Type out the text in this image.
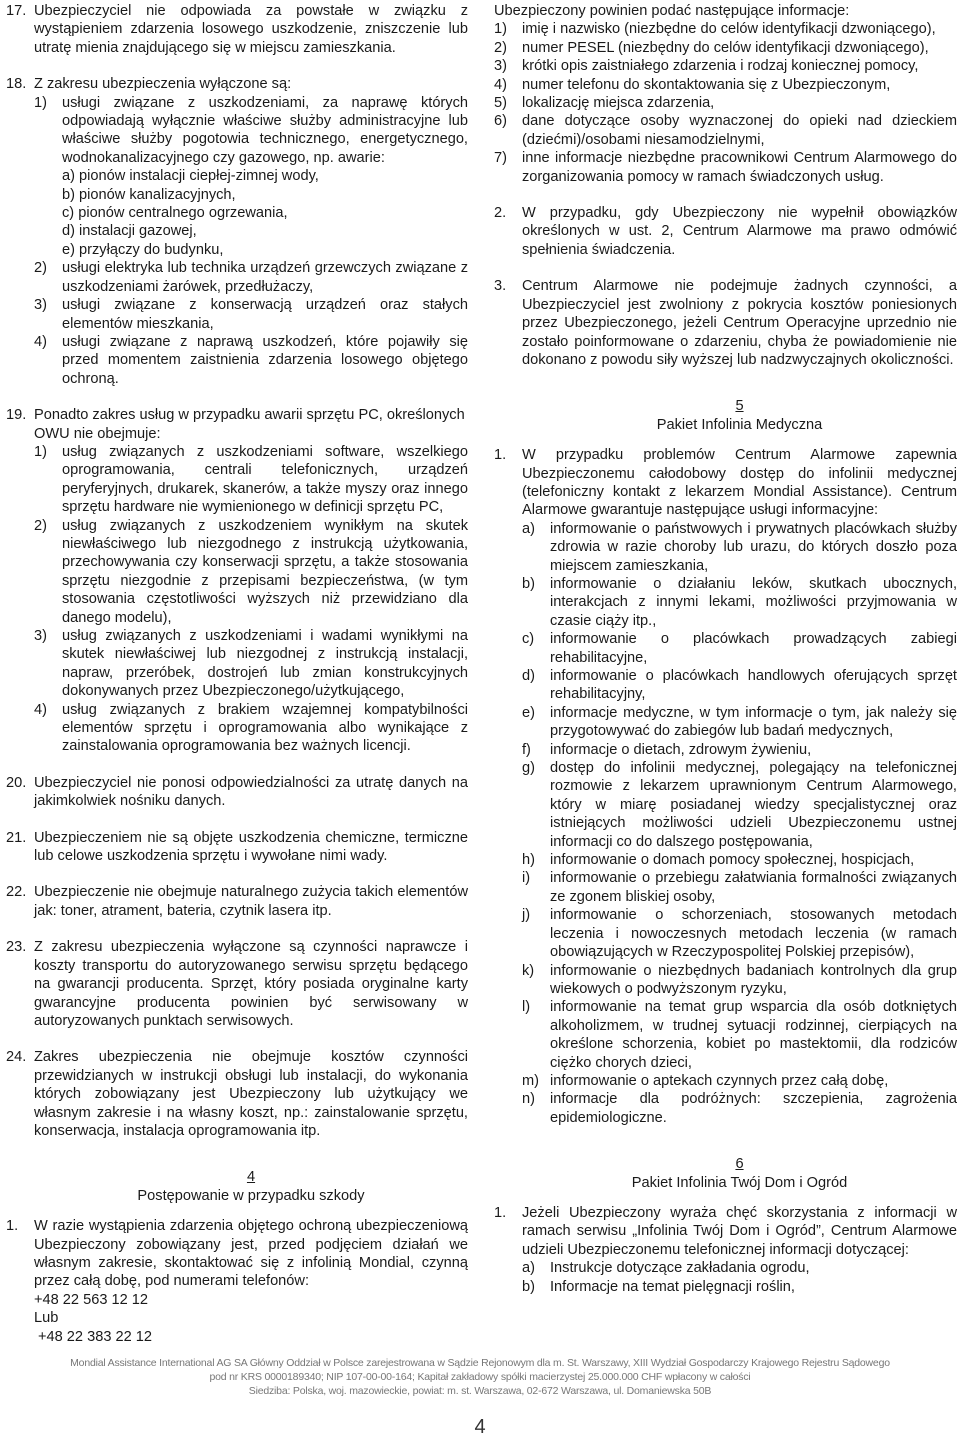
17. Ubezpieczyciel nie odpowiada za powstałe w związku z wystąpieniem zdarzenia losowego uszkodzenie, zniszczenie lub utratę mienia znajdującego się w miejscu zamieszkania.
18. Z zakresu ubezpieczenia wyłączone są:
1) usługi związane z uszkodzeniami, za naprawę których odpowiadają wyłącznie właściwe służby administracyjne lub właściwe służby pogotowia technicznego, energetycznego, wodnokanalizacyjnego czy gazowego, np. awarie:
a) pionów instalacji ciepłej-zimnej wody,
b) pionów kanalizacyjnych,
c) pionów centralnego ogrzewania,
d) instalacji gazowej,
e) przyłączy do budynku,
2) usługi elektryka lub technika urządzeń grzewczych związane z uszkodzeniami żarówek, przedłużaczy,
3) usługi związane z konserwacją urządzeń oraz stałych elementów mieszkania,
4) usługi związane z naprawą uszkodzeń, które pojawiły się przed momentem zaistnienia zdarzenia losowego objętego ochroną.
19. Ponadto zakres usług w przypadku awarii sprzętu PC, określonych OWU nie obejmuje:
1) usług związanych z uszkodzeniami software, wszelkiego oprogramowania, centrali telefonicznych, urządzeń peryferyjnych, drukarek, skanerów, a także myszy oraz innego sprzętu hardware nie wymienionego w definicji sprzętu PC,
2) usług związanych z uszkodzeniem wynikłym na skutek niewłaściwego lub niezgodnego z instrukcją użytkowania, przechowywania czy konserwacji sprzętu, a także stosowania sprzętu niezgodnie z przepisami bezpieczeństwa, (w tym stosowania częstotliwości wyższych niż przewidziano dla danego modelu),
3) usług związanych z uszkodzeniami i wadami wynikłymi na skutek niewłaściwej lub niezgodnej z instrukcją instalacji, napraw, przeróbek, dostrojeń lub zmian konstrukcyjnych dokonywanych przez Ubezpieczonego/użytkującego,
4) usług związanych z brakiem wzajemnej kompatybilności elementów sprzętu i oprogramowania albo wynikające z zainstalowania oprogramowania bez ważnych licencji.
20. Ubezpieczyciel nie ponosi odpowiedzialności za utratę danych na jakimkolwiek nośniku danych.
21. Ubezpieczeniem nie są objęte uszkodzenia chemiczne, termiczne lub celowe uszkodzenia sprzętu i wywołane nimi wady.
22. Ubezpieczenie nie obejmuje naturalnego zużycia takich elementów jak: toner, atrament, bateria, czytnik lasera itp.
23. Z zakresu ubezpieczenia wyłączone są czynności naprawcze i koszty transportu do autoryzowanego serwisu sprzętu będącego na gwarancji producenta. Sprzęt, który posiada oryginalne karty gwarancyjne producenta powinien być serwisowany w autoryzowanych punktach serwisowych.
24. Zakres ubezpieczenia nie obejmuje kosztów czynności przewidzianych w instrukcji obsługi lub instalacji, do wykonania których zobowiązany jest Ubezpieczony lub użytkujący we własnym zakresie i na własny koszt, np.: zainstalowanie sprzętu, konserwacja, instalacja oprogramowania itp.
4
Postępowanie w przypadku szkody
1. W razie wystąpienia zdarzenia objętego ochroną ubezpieczeniową Ubezpieczony zobowiązany jest, przed podjęciem działań we własnym zakresie, skontaktować się z infolinią Mondial, czynną przez całą dobę, pod numerami telefonów:
+48 22 563 12 12
Lub
+48 22 383 22 12
Ubezpieczony powinien podać następujące informacje:
1) imię i nazwisko (niezbędne do celów identyfikacji dzwoniącego),
2) numer PESEL (niezbędny do celów identyfikacji dzwoniącego),
3) krótki opis zaistniałego zdarzenia i rodzaj koniecznej pomocy,
4) numer telefonu do skontaktowania się z Ubezpieczonym,
5) lokalizację miejsca zdarzenia,
6) dane dotyczące osoby wyznaczonej do opieki nad dzieckiem (dziećmi)/osobami niesamodzielnymi,
7) inne informacje niezbędne pracownikowi Centrum Alarmowego do zorganizowania pomocy w ramach świadczonych usług.
2. W przypadku, gdy Ubezpieczony nie wypełnił obowiązków określonych w ust. 2, Centrum Alarmowe ma prawo odmówić spełnienia świadczenia.
3. Centrum Alarmowe nie podejmuje żadnych czynności, a Ubezpieczyciel jest zwolniony z pokrycia kosztów poniesionych przez Ubezpieczonego, jeżeli Centrum Operacyjne uprzednio nie zostało poinformowane o zdarzeniu, chyba że powiadomienie nie dokonano z powodu siły wyższej lub nadzwyczajnych okoliczności.
5
Pakiet Infolinia Medyczna
1. W przypadku problemów Centrum Alarmowe zapewnia Ubezpieczonemu całodobowy dostęp do infolinii medycznej (telefoniczny kontakt z lekarzem Mondial Assistance). Centrum Alarmowe gwarantuje następujące usługi informacyjne:
a) informowanie o państwowych i prywatnych placówkach służby zdrowia w razie choroby lub urazu, do których doszło poza miejscem zamieszkania,
b) informowanie o działaniu leków, skutkach ubocznych, interakcjach z innymi lekami, możliwości przyjmowania w czasie ciąży itp.,
c) informowanie o placówkach prowadzących zabiegi rehabilitacyjne,
d) informowanie o placówkach handlowych oferujących sprzęt rehabilitacyjny,
e) informacje medyczne, w tym informacje o tym, jak należy się przygotowywać do zabiegów lub badań medycznych,
f) informacje o dietach, zdrowym żywieniu,
g) dostęp do infolinii medycznej, polegający na telefonicznej rozmowie z lekarzem uprawnionym Centrum Alarmowego, który w miarę posiadanej wiedzy specjalistycznej oraz istniejących możliwości udzieli Ubezpieczonemu ustnej informacji co do dalszego postępowania,
h) informowanie o domach pomocy społecznej, hospicjach,
i) informowanie o przebiegu załatwiania formalności związanych ze zgonem bliskiej osoby,
j) informowanie o schorzeniach, stosowanych metodach leczenia i nowoczesnych metodach leczenia (w ramach obowiązujących w Rzeczypospolitej Polskiej przepisów),
k) informowanie o niezbędnych badaniach kontrolnych dla grup wiekowych o podwyższonym ryzyku,
l) informowanie na temat grup wsparcia dla osób dotkniętych alkoholizmem, w trudnej sytuacji rodzinnej, cierpiących na określone schorzenia, kobiet po mastektomii, dla rodziców ciężko chorych dzieci,
m) informowanie o aptekach czynnych przez całą dobę,
n) informacje dla podróżnych: szczepienia, zagrożenia epidemiologiczne.
6
Pakiet Infolinia Twój Dom i Ogród
1. Jeżeli Ubezpieczony wyraża chęć skorzystania z informacji w ramach serwisu „Infolinia Twój Dom i Ogród”, Centrum Alarmowe udzieli Ubezpieczonemu telefonicznej informacji dotyczącej:
a) Instrukcje dotyczące zakładania ogrodu,
b) Informacje na temat pielęgnacji roślin,
Mondial Assistance International AG SA Główny Oddział w Polsce zarejestrowana w Sądzie Rejonowym dla m. St. Warszawy, XIII Wydział Gospodarczy Krajowego Rejestru Sądowego
pod nr KRS 0000189340; NIP 107-00-00-164; Kapitał zakładowy spółki macierzystej 25.000.000 CHF wpłacony w całości
Siedziba: Polska, woj. mazowieckie, powiat: m. st. Warszawa, 02-672 Warszawa, ul. Domaniewska 50B
4
